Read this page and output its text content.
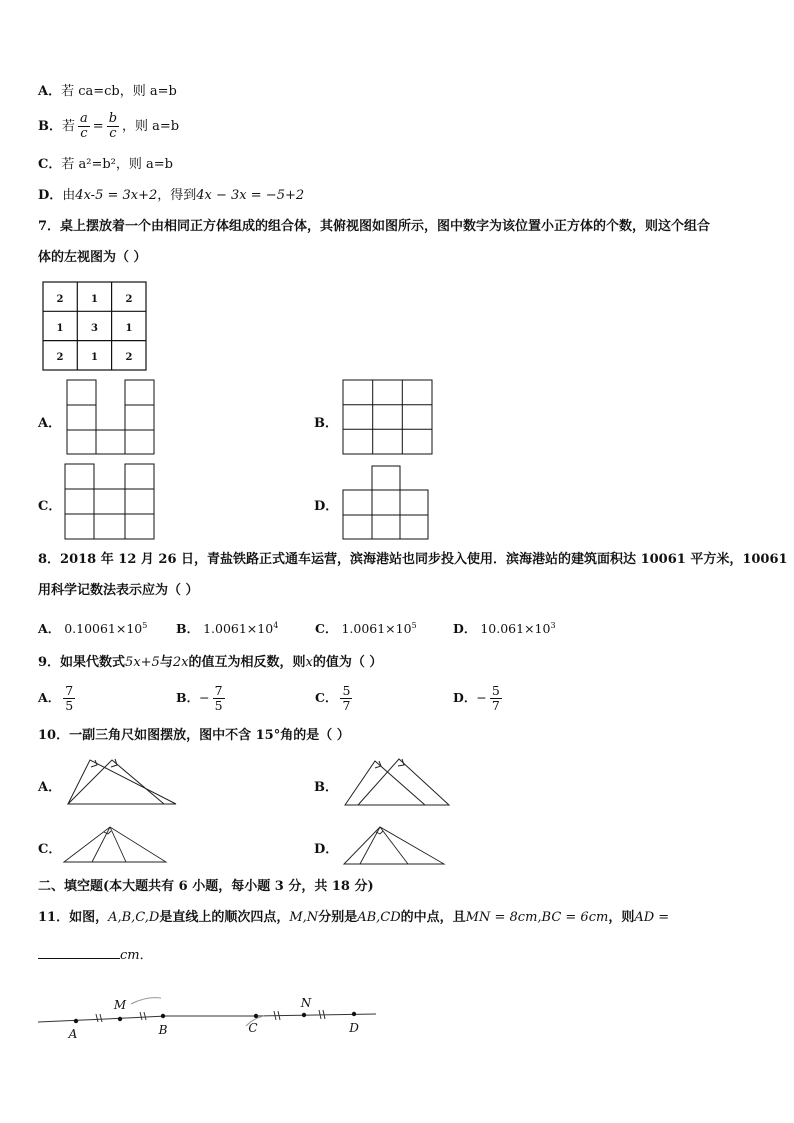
A．若 ca=cb，则 a=b
B．若 $\frac{a}{c} = \frac{b}{c}$ ，则 a=b
C．若 a²=b²，则 a=b
D．由4x-5 = 3x+2，得到4x − 3x = −5+2
7．桌上摆放着一个由相同正方体组成的组合体，其俯视图如图所示，图中数字为该位置小正方体的个数，则这个组合
体的左视图为（ ）
2	1	2
1	3	1
2	1	2
A．	B．
C．	D．
8．2018 年 12 月 26 日，青盐铁路正式通车运营，滨海港站也同步投入使用．滨海港站的建筑面积达 10061 平方米，10061
用科学记数法表示应为（ ）
A． $0.10061\times 10^5$ B． $1.0061\times 10^4$	C． $1.0061\times 10^5$	D． $10.061\times 10^3$
9．如果代数式5x+5与2x的值互为相反数，则x的值为（ ）
A． $\frac{7}{5}$	B．− $\frac{7}{5}$	C． $\frac{5}{7}$	D．− $\frac{5}{7}$
10．一副三角尺如图摆放，图中不含 15°角的是（ ）
A．	B．
C．	D．
二、填空题(本大题共有 6 小题，每小题 3 分，共 18 分)
11．如图，A,B,C,D是直线上的顺次四点，M,N分别是AB,CD的中点，且MN = 8cm,BC = 6cm，则AD =
cm．
A
M
B	C
N
D
